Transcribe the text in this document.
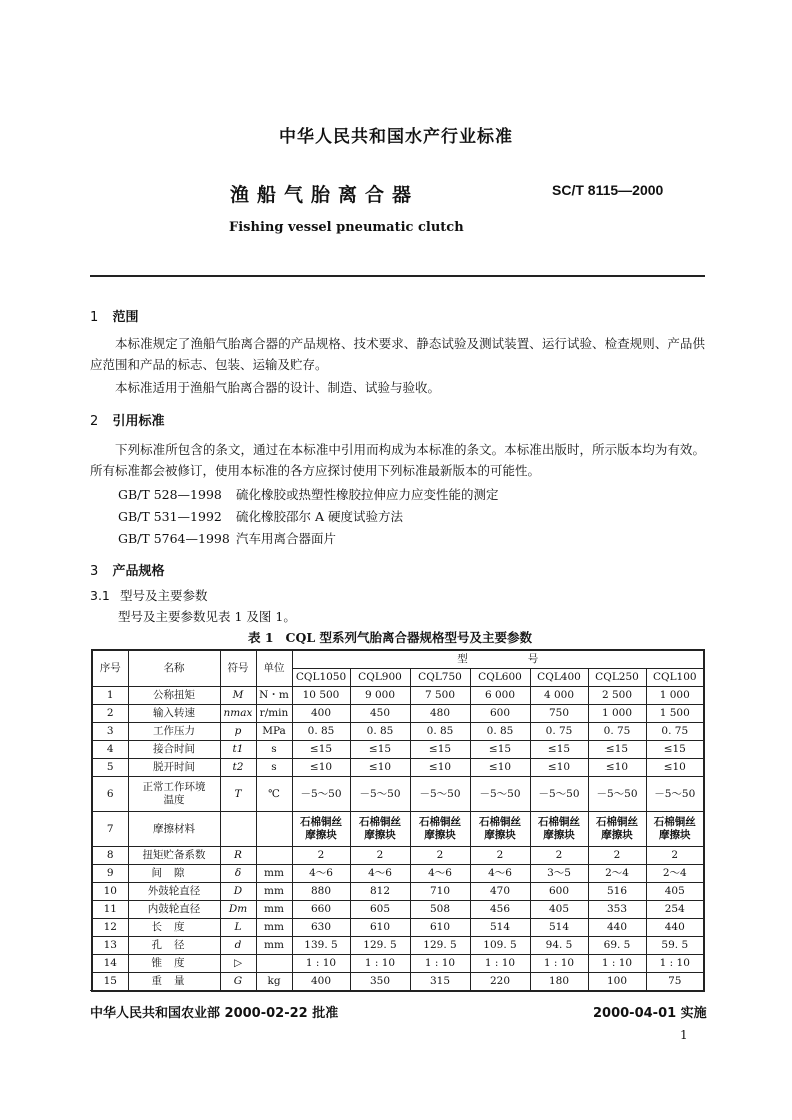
中华人民共和国水产行业标准
渔船气胎离合器	SC/T 8115—2000
Fishing vessel pneumatic clutch
1 范围
本标准规定了渔船气胎离合器的产品规格、技术要求、静态试验及测试装置、运行试验、检查规则、产品供应范围和产品的标志、包装、运输及贮存。
本标准适用于渔船气胎离合器的设计、制造、试验与验收。
2 引用标准
下列标准所包含的条文，通过在本标准中引用而构成为本标准的条文。本标准出版时，所示版本均为有效。所有标准都会被修订，使用本标准的各方应探讨使用下列标准最新版本的可能性。
GB/T 528—1998 硫化橡胶或热塑性橡胶拉伸应力应变性能的测定
GB/T 531—1992 硫化橡胶邵尔 A 硬度试验方法
GB/T 5764—1998 汽车用离合器面片
3 产品规格
3.1 型号及主要参数
型号及主要参数见表 1 及图 1。
表 1 CQL 型系列气胎离合器规格型号及主要参数
序号	名称	符号	单位	型号						
				CQL1050	CQL900	CQL750	CQL600	CQL400	CQL250	CQL100
1	公称扭矩	M	N・m	10 500	9 000	7 500	6 000	4 000	2 500	1 000
2	输入转速	nmax	r/min	400	450	480	600	750	1 000	1 500
3	工作压力	p	MPa	0. 85	0. 85	0. 85	0. 85	0. 75	0. 75	0. 75
4	接合时间	t1	s	≤15	≤15	≤15	≤15	≤15	≤15	≤15
5	脱开时间	t2	s	≤10	≤10	≤10	≤10	≤10	≤10	≤10
6	正常工作环境温度	T	℃	－5～50	－5～50	－5～50	－5～50	－5～50	－5～50	－5～50
7	摩擦材料			石棉铜丝摩擦块	石棉铜丝摩擦块	石棉铜丝摩擦块	石棉铜丝摩擦块	石棉铜丝摩擦块	石棉铜丝摩擦块	石棉铜丝摩擦块
8	扭矩贮备系数	R		2	2	2	2	2	2	2
9	间隙	δ	mm	4～6	4～6	4～6	4～6	3～5	2～4	2～4
10	外鼓轮直径	D	mm	880	812	710	470	600	516	405
11	内鼓轮直径	Dm	mm	660	605	508	456	405	353	254
12	长度	L	mm	630	610	610	514	514	440	440
13	孔径	d	mm	139. 5	129. 5	129. 5	109. 5	94. 5	69. 5	59. 5
14	锥度	▷		1 : 10	1 : 10	1 : 10	1 : 10	1 : 10	1 : 10	1 : 10
15	重量	G	kg	400	350	315	220	180	100	75
中华人民共和国农业部 2000-02-22 批准	2000-04-01 实施
1
